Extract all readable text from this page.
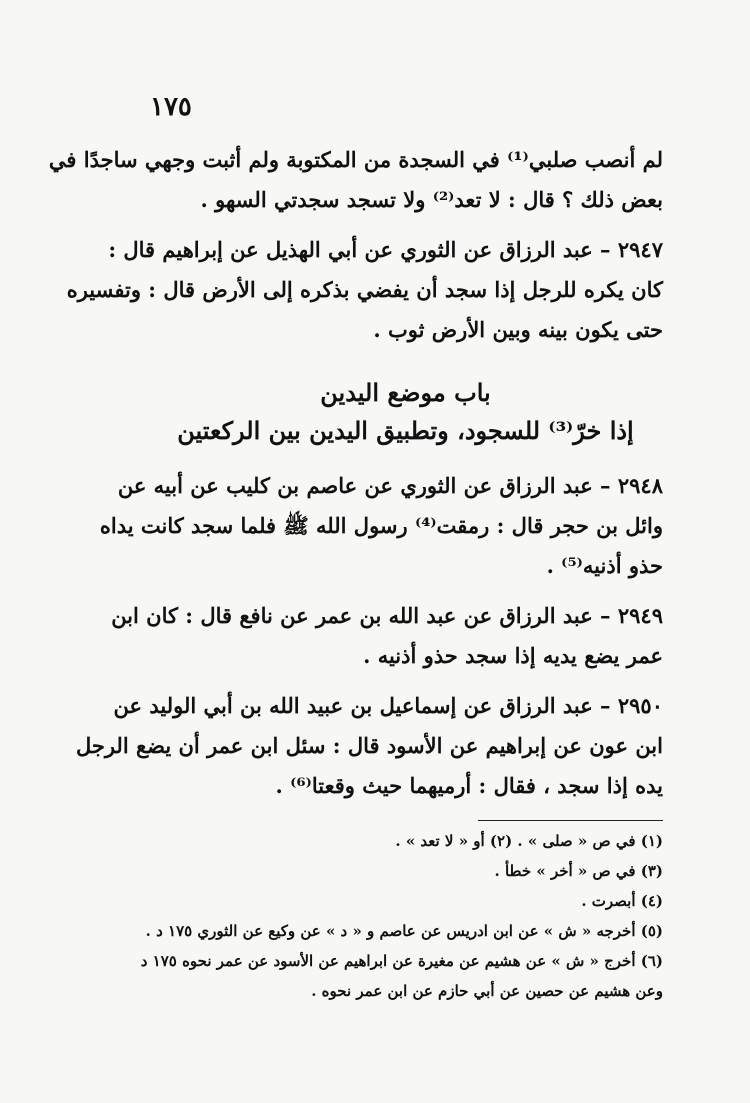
١٧٥
لم أنصب صلبي⁽¹⁾ في السجدة من المكتوبة ولم أثبت وجهي ساجدًا في
بعض ذلك ؟ قال : لا تعد⁽²⁾ ولا تسجد سجدتي السهو .
٢٩٤٧ – عبد الرزاق عن الثوري عن أبي الهذيل عن إبراهيم قال :
كان يكره للرجل إذا سجد أن يفضي بذكره إلى الأرض قال : وتفسيره
حتى يكون بينه وبين الأرض ثوب .
باب موضع اليدين
إذا خرّ⁽³⁾ للسجود، وتطبيق اليدين بين الركعتين
٢٩٤٨ – عبد الرزاق عن الثوري عن عاصم بن كليب عن أبيه عن
وائل بن حجر قال : رمقت⁽⁴⁾ رسول الله ﷺ فلما سجد كانت يداه
حذو أذنيه⁽⁵⁾ .
٢٩٤٩ – عبد الرزاق عن عبد الله بن عمر عن نافع قال : كان ابن
عمر يضع يديه إذا سجد حذو أذنيه .
٢٩٥٠ – عبد الرزاق عن إسماعيل بن عبيد الله بن أبي الوليد عن
ابن عون عن إبراهيم عن الأسود قال : سئل ابن عمر أن يضع الرجل
يده إذا سجد ، فقال : أرميهما حيث وقعتا⁽⁶⁾ .
(١) في ص « صلى » . (٢) أو « لا تعد » .
(٣) في ص « أخر » خطأ .
(٤) أبصرت .
(٥) أخرجه « ش » عن ابن ادريس عن عاصم و « د » عن وكيع عن الثوري ١٧٥ د .
(٦) أخرج « ش » عن هشيم عن مغيرة عن ابراهيم عن الأسود عن عمر نحوه ١٧٥ د
وعن هشيم عن حصين عن أبي حازم عن ابن عمر نحوه .
